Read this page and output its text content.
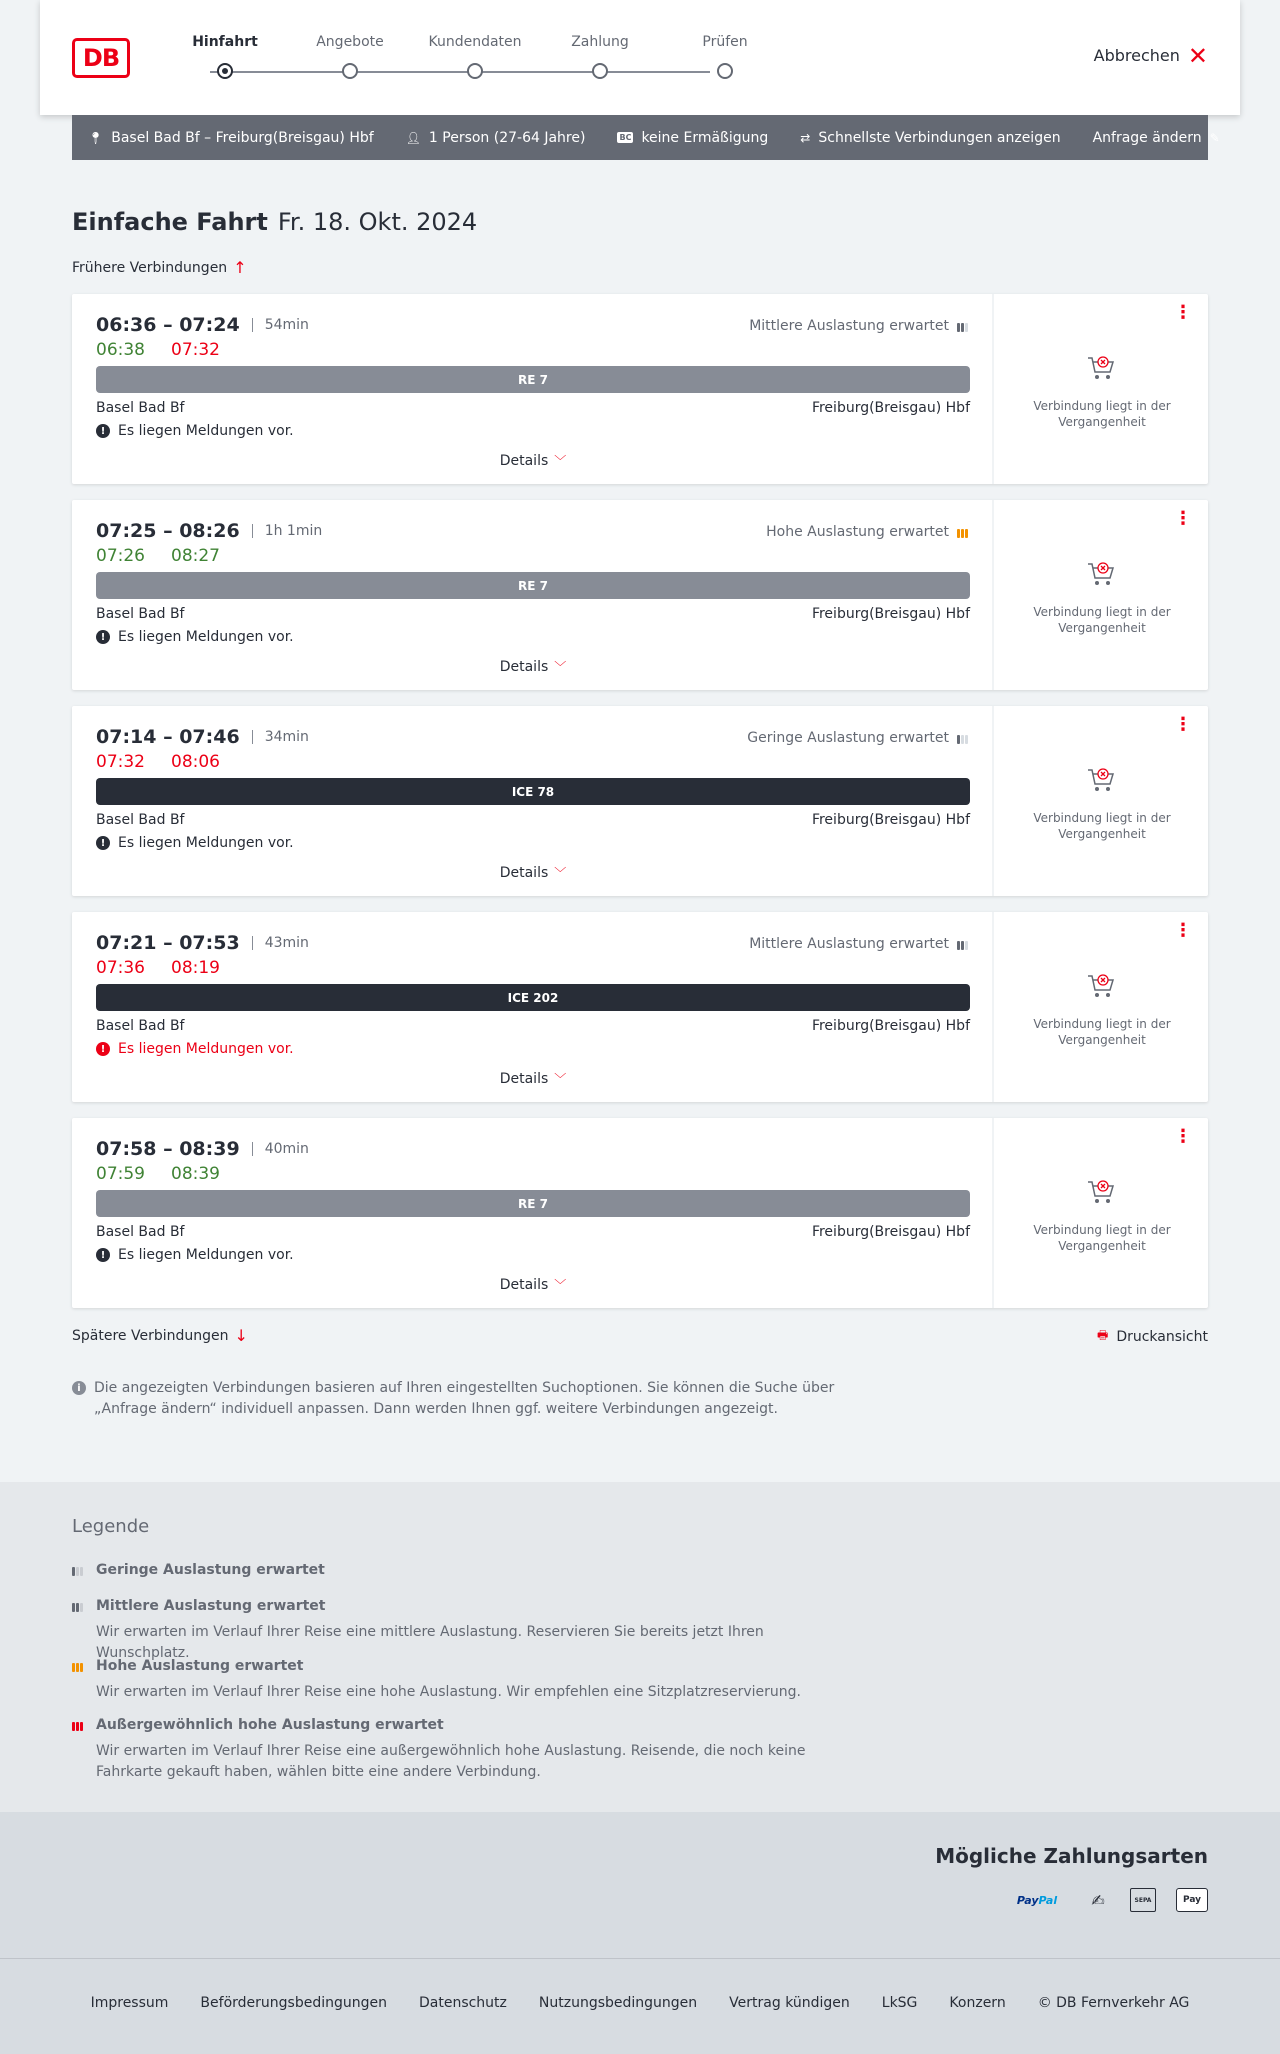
DB
Hinfahrt	Angebote	Kundendaten	Zahlung	Prüfen
Abbrechen ✕
📍︎ Basel Bad Bf – Freiburg(Breisgau) Hbf	👤︎ 1 Person (27-64 Jahre)	BC keine Ermäßigung	⇄ Schnellste Verbindungen anzeigen Anfrage ändern ✎
Einfache Fahrt Fr. 18. Okt. 2024
Frühere Verbindungen ↑
06:36 – 07:24	54min
06:38 07:32
Mittlere Auslastung erwartet
RE 7
Basel Bad Bf	Freiburg(Breisgau) Hbf
! Es liegen Meldungen vor.
Details ﹀
⋮
Verbindung liegt in der Vergangenheit
07:25 – 08:26	1h 1min
07:26 08:27
Hohe Auslastung erwartet
RE 7
Basel Bad Bf	Freiburg(Breisgau) Hbf
! Es liegen Meldungen vor.
Details ﹀
⋮
Verbindung liegt in der Vergangenheit
07:14 – 07:46	34min
07:32 08:06
Geringe Auslastung erwartet
ICE 78
Basel Bad Bf	Freiburg(Breisgau) Hbf
! Es liegen Meldungen vor.
Details ﹀
⋮
Verbindung liegt in der Vergangenheit
07:21 – 07:53	43min
07:36 08:19
Mittlere Auslastung erwartet
ICE 202
Basel Bad Bf	Freiburg(Breisgau) Hbf
! Es liegen Meldungen vor.
Details ﹀
⋮
Verbindung liegt in der Vergangenheit
07:58 – 08:39	40min
07:59 08:39
RE 7
Basel Bad Bf	Freiburg(Breisgau) Hbf
! Es liegen Meldungen vor.
Details ﹀
⋮
Verbindung liegt in der Vergangenheit
Spätere Verbindungen ↓	🖶 Druckansicht
i Die angezeigten Verbindungen basieren auf Ihren eingestellten Suchoptionen. Sie können die Suche über „Anfrage ändern“ individuell anpassen. Dann werden Ihnen ggf. weitere Verbindungen angezeigt.
Legende
Geringe Auslastung erwartet
Mittlere Auslastung erwartet
Wir erwarten im Verlauf Ihrer Reise eine mittlere Auslastung. Reservieren Sie bereits jetzt Ihren Wunschplatz.
Hohe Auslastung erwartet
Wir erwarten im Verlauf Ihrer Reise eine hohe Auslastung. Wir empfehlen eine Sitzplatzreservierung.
Außergewöhnlich hohe Auslastung erwartet
Wir erwarten im Verlauf Ihrer Reise eine außergewöhnlich hohe Auslastung. Reisende, die noch keine Fahrkarte gekauft haben, wählen bitte eine andere Verbindung.
Mögliche Zahlungsarten
Pay Pal	✍	SEPA	Pay
Impressum Beförderungsbedingungen Datenschutz Nutzungsbedingungen Vertrag kündigen LkSG Konzern © DB Fernverkehr AG
